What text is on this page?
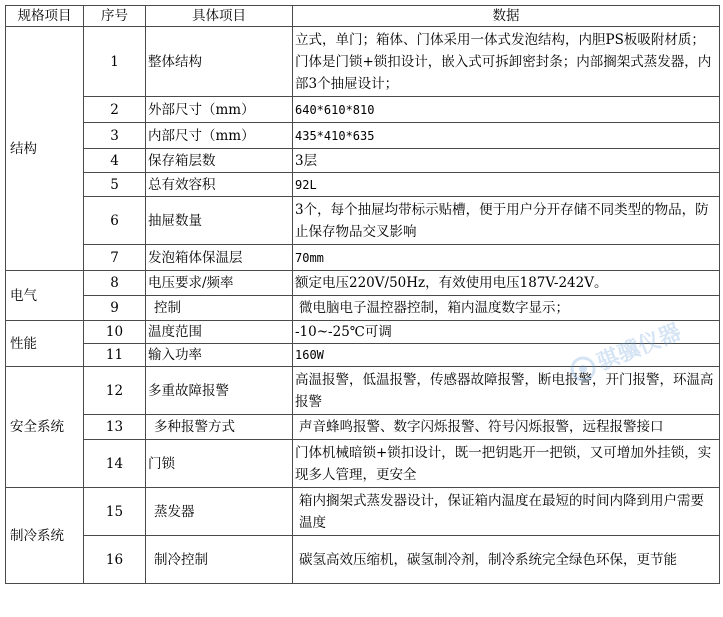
规格项目	序号	具体项目	数据
结构	1	整体结构	立式，单门；箱体、门体采用一体式发泡结构，内胆PS板吸附材质；门体是门锁+锁扣设计，嵌入式可拆卸密封条；内部搁架式蒸发器，内部3个抽屉设计；
	2	外部尺寸（mm）	640*610*810
	3	内部尺寸（mm）	435*410*635
	4	保存箱层数	3层
	5	总有效容积	92L
	6	抽屉数量	3个，每个抽屉均带标示贴槽，便于用户分开存储不同类型的物品，防止保存物品交叉影响
	7	发泡箱体保温层	70mm
电气	8	电压要求/频率	额定电压220V/50Hz，有效使用电压187V-242V。
	9	控制	微电脑电子温控器控制，箱内温度数字显示；
性能	10	温度范围	-10~-25℃可调
	11	输入功率	160W
安全系统	12	多重故障报警	高温报警，低温报警，传感器故障报警，断电报警，开门报警，环温高报警
	13	多种报警方式	声音蜂鸣报警、数字闪烁报警、符号闪烁报警，远程报警接口
	14	门锁	门体机械暗锁+锁扣设计，既一把钥匙开一把锁，又可增加外挂锁，实现多人管理，更安全
制冷系统	15	蒸发器	箱内搁架式蒸发器设计，保证箱内温度在最短的时间内降到用户需要温度
	16	制冷控制	碳氢高效压缩机，碳氢制冷剂，制冷系统完全绿色环保，更节能
骐骥仪器
